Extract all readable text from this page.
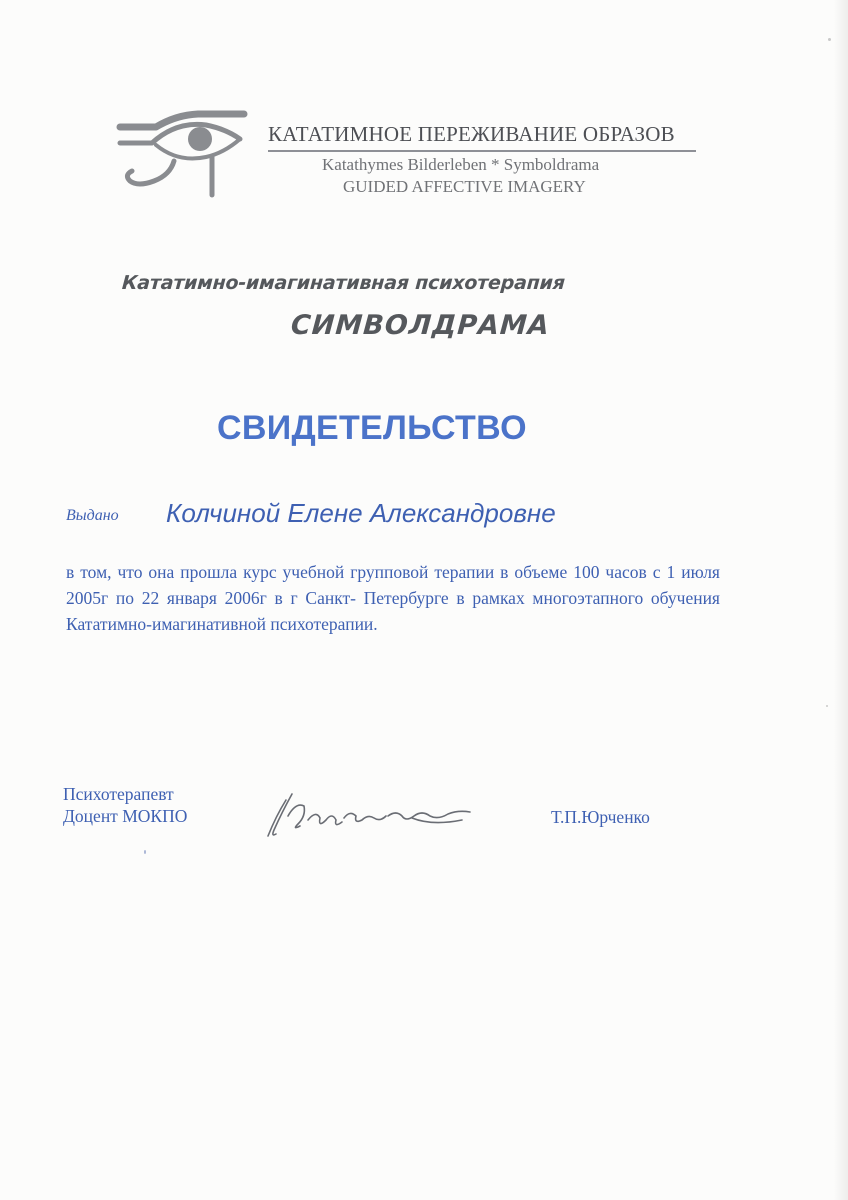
КАТАТИМНОЕ ПЕРЕЖИВАНИЕ ОБРАЗОВ
Katathymes Bilderleben * Symboldrama
GUIDED AFFECTIVE IMAGERY
Кататимно-имагинативная психотерапия
СИМВОЛДРАМА
СВИДЕТЕЛЬСТВО
Выдано Колчиной Елене Александровне

в том, что она прошла курс учебной групповой терапии в объеме 100 часов с 1 июля 2005г по 22 января 2006г в г Санкт- Петербурге в рамках многоэтапного обучения Кататимно-имагинативной психотерапии.

Психотерапевт
Доцент МОКПО	Т.П.Юрченко
